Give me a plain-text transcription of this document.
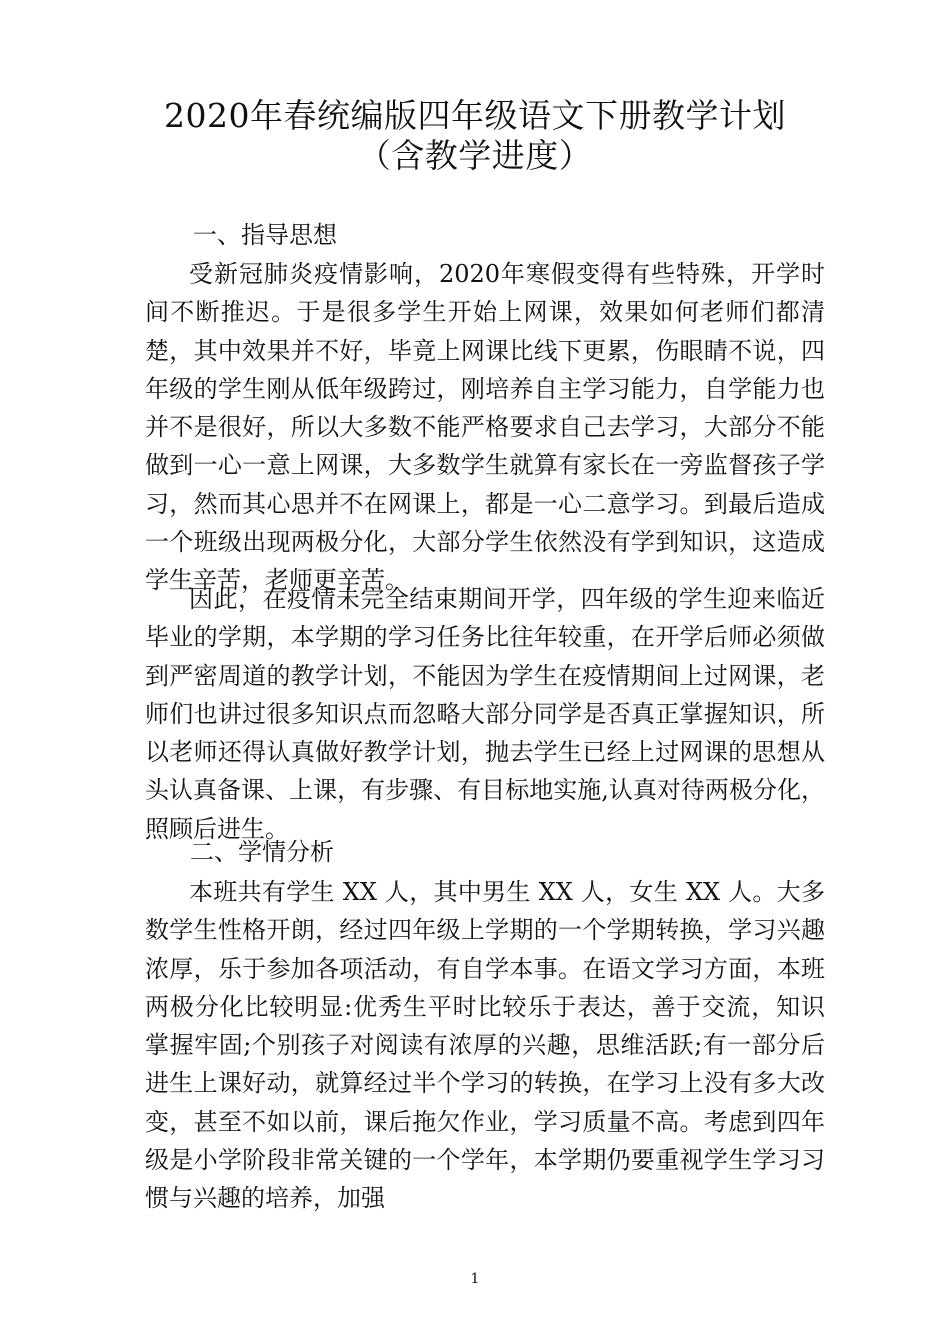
2020年春统编版四年级语文下册教学计划
（含教学进度）
一、指导思想
受新冠肺炎疫情影响，2020年寒假变得有些特殊，开学时间不断推迟。于是很多学生开始上网课，效果如何老师们都清楚，其中效果并不好，毕竟上网课比线下更累，伤眼睛不说，四年级的学生刚从低年级跨过，刚培养自主学习能力，自学能力也并不是很好，所以大多数不能严格要求自己去学习，大部分不能做到一心一意上网课，大多数学生就算有家长在一旁监督孩子学习，然而其心思并不在网课上，都是一心二意学习。到最后造成一个班级出现两极分化，大部分学生依然没有学到知识，这造成学生辛苦，老师更辛苦。
因此，在疫情未完全结束期间开学，四年级的学生迎来临近毕业的学期，本学期的学习任务比往年较重，在开学后师必须做到严密周道的教学计划，不能因为学生在疫情期间上过网课，老师们也讲过很多知识点而忽略大部分同学是否真正掌握知识，所以老师还得认真做好教学计划，抛去学生已经上过网课的思想从头认真备课、上课，有步骤、有目标地实施,认真对待两极分化，照顾后进生。
二、学情分析
本班共有学生 XX 人，其中男生 XX 人，女生 XX 人。大多数学生性格开朗，经过四年级上学期的一个学期转换，学习兴趣浓厚，乐于参加各项活动，有自学本事。在语文学习方面，本班两极分化比较明显:优秀生平时比较乐于表达，善于交流，知识掌握牢固;个别孩子对阅读有浓厚的兴趣，思维活跃;有一部分后进生上课好动，就算经过半个学习的转换，在学习上没有多大改变，甚至不如以前，课后拖欠作业，学习质量不高。考虑到四年级是小学阶段非常关键的一个学年，本学期仍要重视学生学习习惯与兴趣的培养，加强
1
